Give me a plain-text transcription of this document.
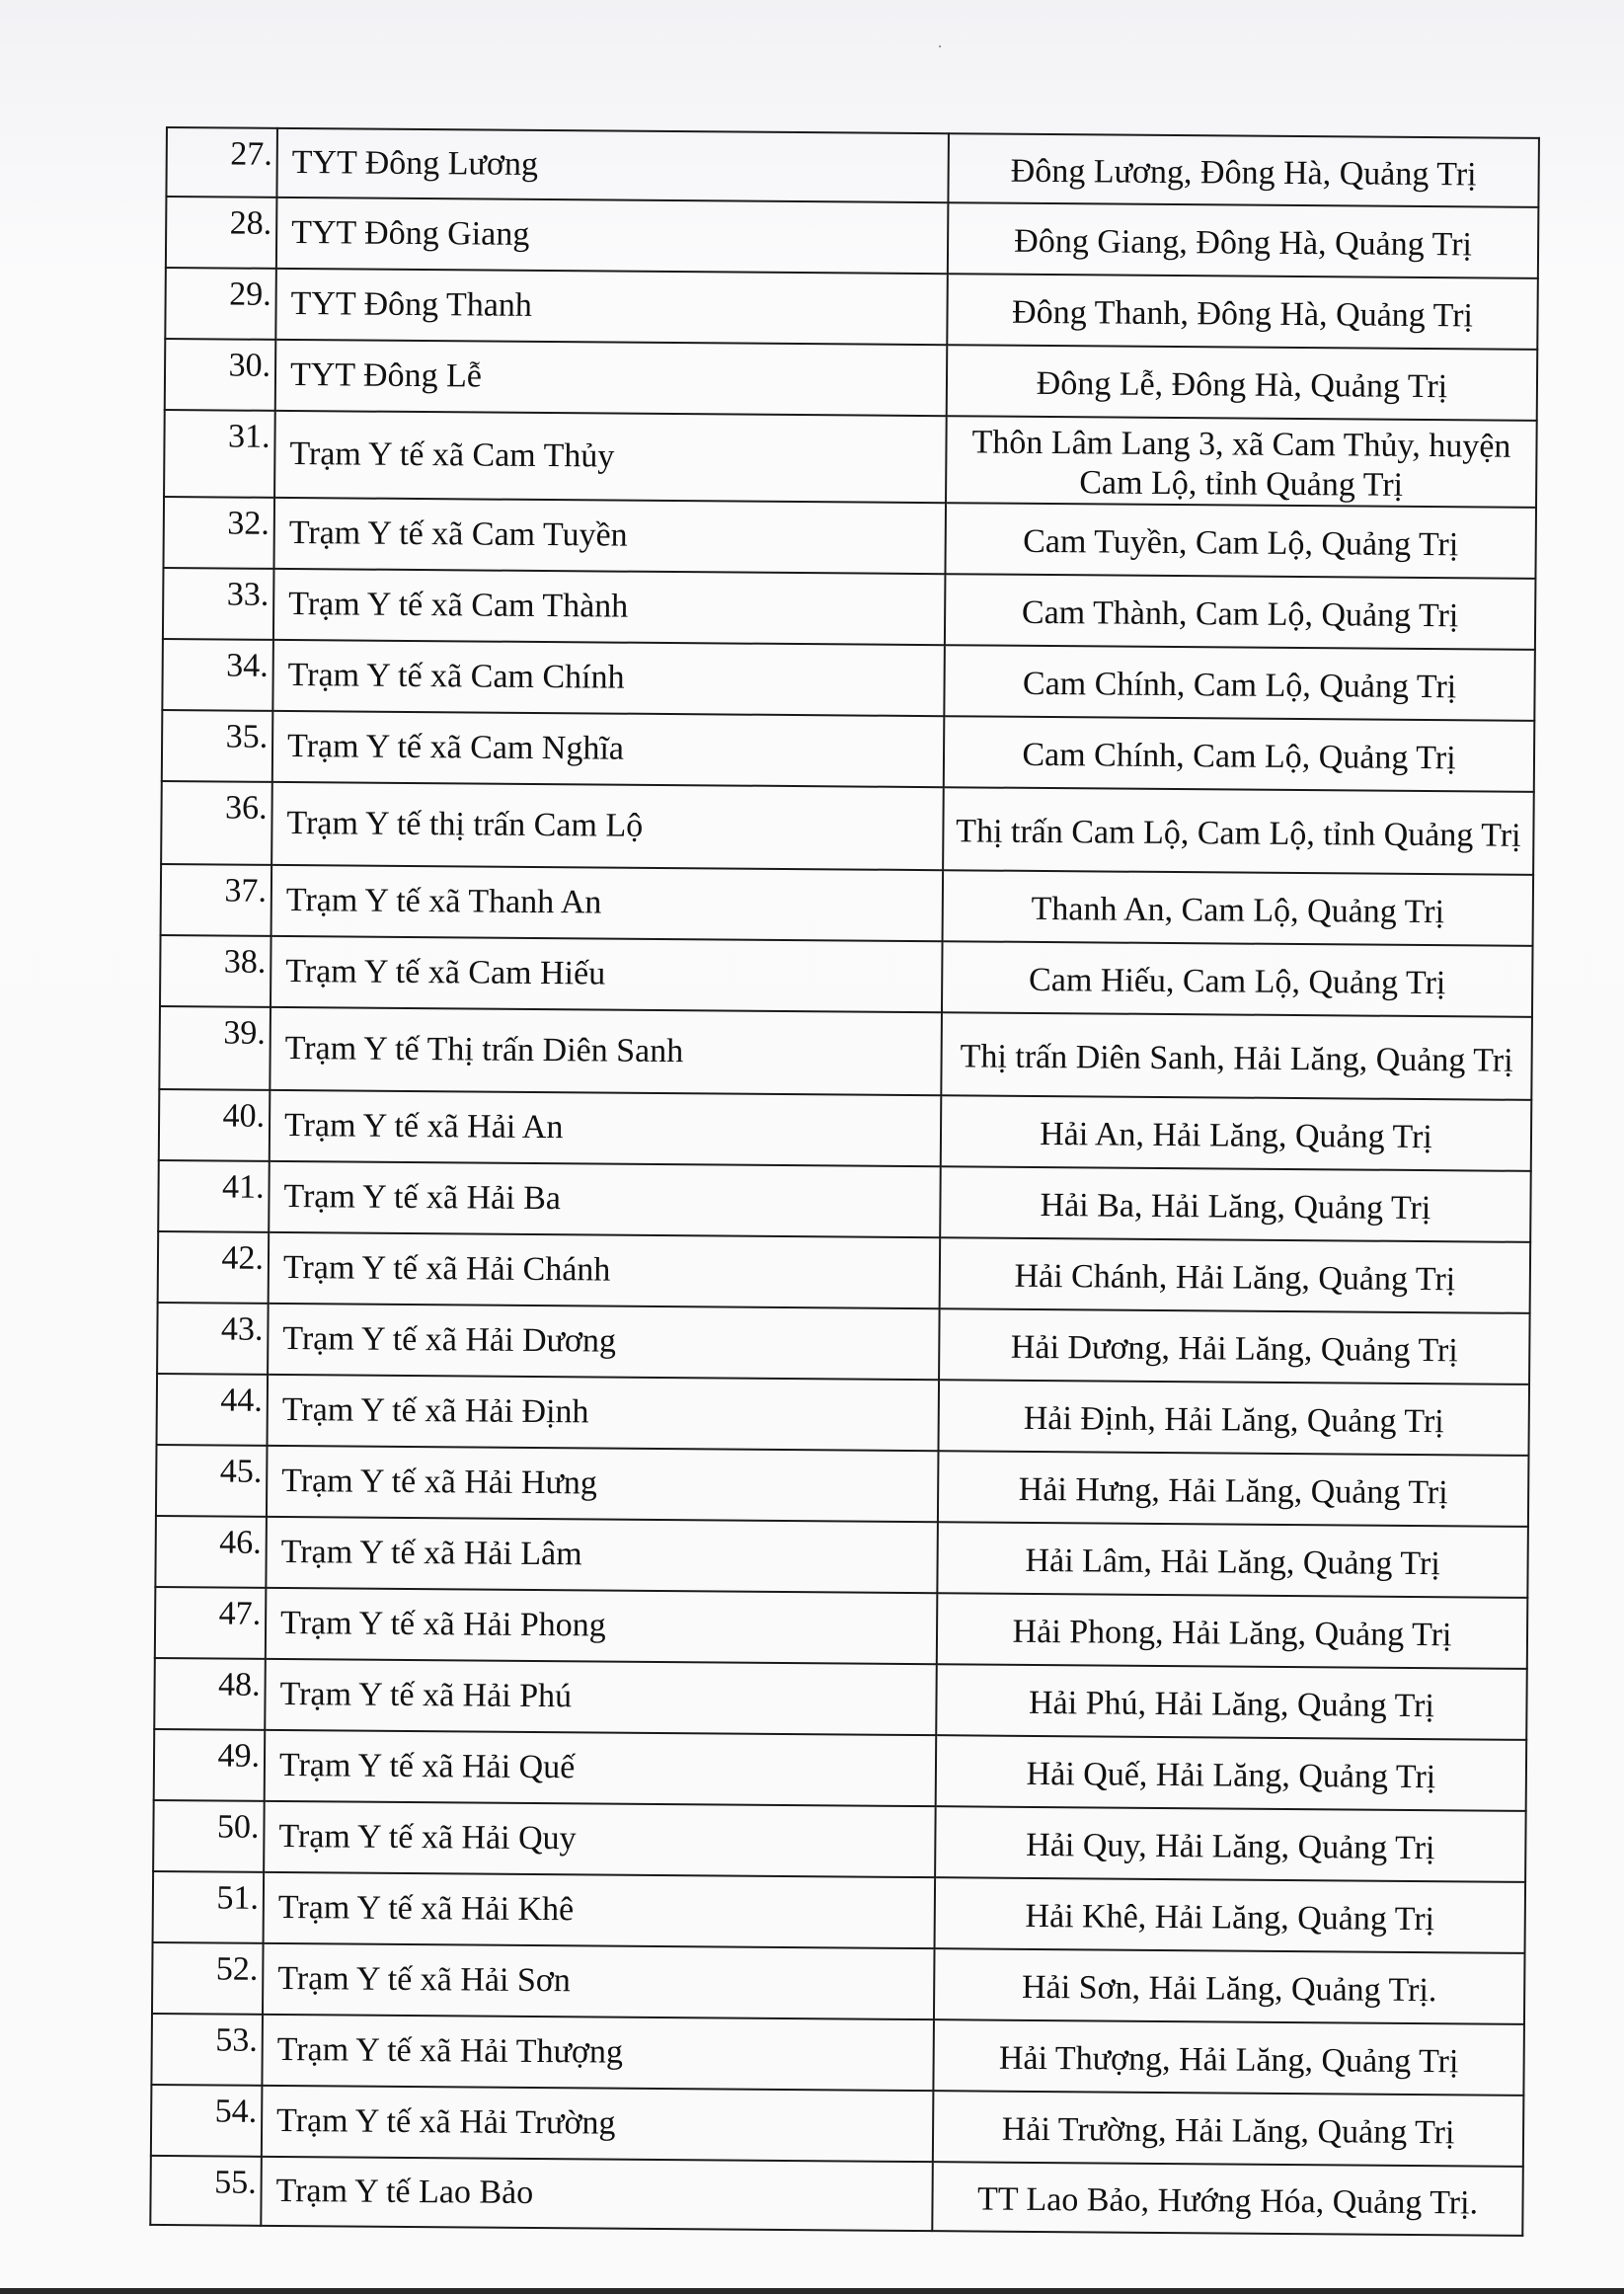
27.	TYT Đông Lương	Đông Lương, Đông Hà, Quảng Trị
28.	TYT Đông Giang	Đông Giang, Đông Hà, Quảng Trị
29.	TYT Đông Thanh	Đông Thanh, Đông Hà, Quảng Trị
30.	TYT Đông Lễ	Đông Lễ, Đông Hà, Quảng Trị
31.	Trạm Y tế xã Cam Thủy	Thôn Lâm Lang 3, xã Cam Thủy, huyện Cam Lộ, tỉnh Quảng Trị
32.	Trạm Y tế xã Cam Tuyền	Cam Tuyền, Cam Lộ, Quảng Trị
33.	Trạm Y tế xã Cam Thành	Cam Thành, Cam Lộ, Quảng Trị
34.	Trạm Y tế xã Cam Chính	Cam Chính, Cam Lộ, Quảng Trị
35.	Trạm Y tế xã Cam Nghĩa	Cam Chính, Cam Lộ, Quảng Trị
36.	Trạm Y tế thị trấn Cam Lộ	Thị trấn Cam Lộ, Cam Lộ, tỉnh Quảng Trị
37.	Trạm Y tế xã Thanh An	Thanh An, Cam Lộ, Quảng Trị
38.	Trạm Y tế xã Cam Hiếu	Cam Hiếu, Cam Lộ, Quảng Trị
39.	Trạm Y tế Thị trấn Diên Sanh	Thị trấn Diên Sanh, Hải Lăng, Quảng Trị
40.	Trạm Y tế xã Hải An	Hải An, Hải Lăng, Quảng Trị
41.	Trạm Y tế xã Hải Ba	Hải Ba, Hải Lăng, Quảng Trị
42.	Trạm Y tế xã Hải Chánh	Hải Chánh, Hải Lăng, Quảng Trị
43.	Trạm Y tế xã Hải Dương	Hải Dương, Hải Lăng, Quảng Trị
44.	Trạm Y tế xã Hải Định	Hải Định, Hải Lăng, Quảng Trị
45.	Trạm Y tế xã Hải Hưng	Hải Hưng, Hải Lăng, Quảng Trị
46.	Trạm Y tế xã Hải Lâm	Hải Lâm, Hải Lăng, Quảng Trị
47.	Trạm Y tế xã Hải Phong	Hải Phong, Hải Lăng, Quảng Trị
48.	Trạm Y tế xã Hải Phú	Hải Phú, Hải Lăng, Quảng Trị
49.	Trạm Y tế xã Hải Quế	Hải Quế, Hải Lăng, Quảng Trị
50.	Trạm Y tế xã Hải Quy	Hải Quy, Hải Lăng, Quảng Trị
51.	Trạm Y tế xã Hải Khê	Hải Khê, Hải Lăng, Quảng Trị
52.	Trạm Y tế xã Hải Sơn	Hải Sơn, Hải Lăng, Quảng Trị.
53.	Trạm Y tế xã Hải Thượng	Hải Thượng, Hải Lăng, Quảng Trị
54.	Trạm Y tế xã Hải Trường	Hải Trường, Hải Lăng, Quảng Trị
55.	Trạm Y tế Lao Bảo	TT Lao Bảo, Hướng Hóa, Quảng Trị.
